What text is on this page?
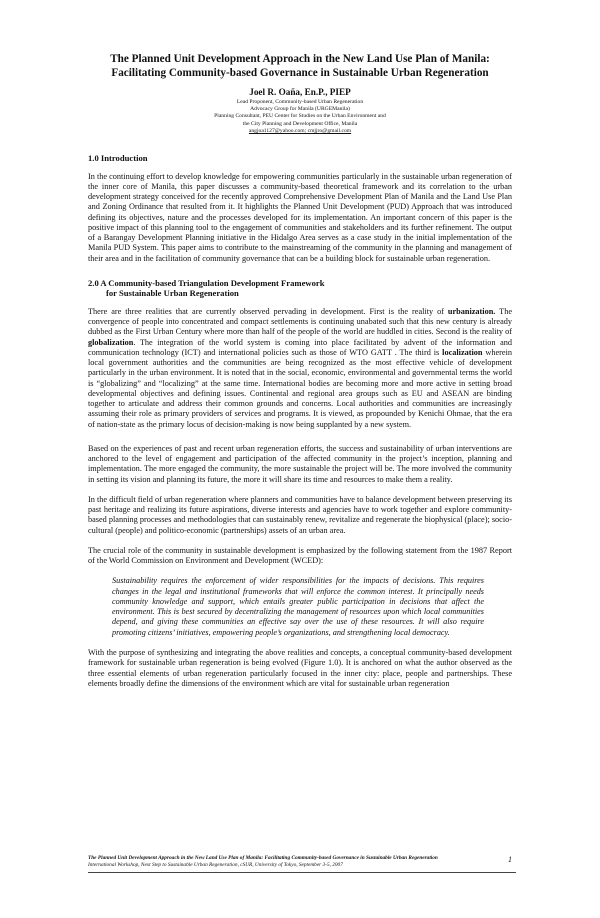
The Planned Unit Development Approach in the New Land Use Plan of Manila:
Facilitating Community-based Governance in Sustainable Urban Regeneration
Joel R. Oaña, En.P., PIEP
Lead Proponent, Community-based Urban Regeneration
Advocacy Group for Manila (URGEManila)
Planning Consultant, PEU Center for Studies on the Urban Environment and
the City Planning and Development Office, Manila
angjoa1127@yahoo.com; cmjjro@gmail.com
1.0 Introduction

In the continuing effort to develop knowledge for empowering communities particularly in the sustainable urban regeneration of the inner core of Manila, this paper discusses a community-based theoretical framework and its correlation to the urban development strategy conceived for the recently approved Comprehensive Development Plan of Manila and the Land Use Plan and Zoning Ordinance that resulted from it. It highlights the Planned Unit Development (PUD) Approach that was introduced defining its objectives, nature and the processes developed for its implementation. An important concern of this paper is the positive impact of this planning tool to the engagement of communities and stakeholders and its further refinement. The output of a Barangay Development Planning initiative in the Hidalgo Area serves as a case study in the initial implementation of the Manila PUD System. This paper aims to contribute to the mainstreaming of the community in the planning and management of their area and in the facilitation of community governance that can be a building block for sustainable urban regeneration.

2.0 A Community-based Triangulation Development Framework
for Sustainable Urban Regeneration

There are three realities that are currently observed pervading in development. First is the reality of urbanization. The convergence of people into concentrated and compact settlements is continuing unabated such that this new century is already dubbed as the First Urban Century where more than half of the people of the world are huddled in cities. Second is the reality of globalization. The integration of the world system is coming into place facilitated by advent of the information and communication technology (ICT) and international policies such as those of WTO GATT . The third is localization wherein local government authorities and the communities are being recognized as the most effective vehicle of development particularly in the urban environment. It is noted that in the social, economic, environmental and governmental terms the world is “globalizing” and “localizing” at the same time. International bodies are becoming more and more active in setting broad developmental objectives and defining issues. Continental and regional area groups such as EU and ASEAN are binding together to articulate and address their common grounds and concerns. Local authorities and communities are increasingly assuming their role as primary providers of services and programs. It is viewed, as propounded by Kenichi Ohmae, that the era of nation-state as the primary locus of decision-making is now being supplanted by a new system.

Based on the experiences of past and recent urban regeneration efforts, the success and sustainability of urban interventions are anchored to the level of engagement and participation of the affected community in the project’s inception, planning and implementation. The more engaged the community, the more sustainable the project will be. The more involved the community in setting its vision and planning its future, the more it will share its time and resources to make them a reality.

In the difficult field of urban regeneration where planners and communities have to balance development between preserving its past heritage and realizing its future aspirations, diverse interests and agencies have to work together and explore community-based planning processes and methodologies that can sustainably renew, revitalize and regenerate the biophysical (place); socio-cultural (people) and politico-economic (partnerships) assets of an urban area.

The crucial role of the community in sustainable development is emphasized by the following statement from the 1987 Report of the World Commission on Environment and Development (WCED):

Sustainability requires the enforcement of wider responsibilities for the impacts of decisions. This requires changes in the legal and institutional frameworks that will enforce the common interest. It principally needs community knowledge and support, which entails greater public participation in decisions that affect the environment. This is best secured by decentralizing the management of resources upon which local communities depend, and giving these communities an effective say over the use of these resources. It will also require promoting citizens’ initiatives, empowering people’s organizations, and strengthening local democracy.

With the purpose of synthesizing and integrating the above realities and concepts, a conceptual community-based development framework for sustainable urban regeneration is being evolved (Figure 1.0). It is anchored on what the author observed as the three essential elements of urban regeneration particularly focused in the inner city: place, people and partnerships. These elements broadly define the dimensions of the environment which are vital for sustainable urban regeneration

The Planned Unit Development Approach in the New Land Use Plan of Manila: Facilitating Community-based Governance in Sustainable Urban Regeneration
International Workshop, Next Step to Sustainable Urban Regeneration, cSUR, University of Tokyo, September 3-5, 2007
1
